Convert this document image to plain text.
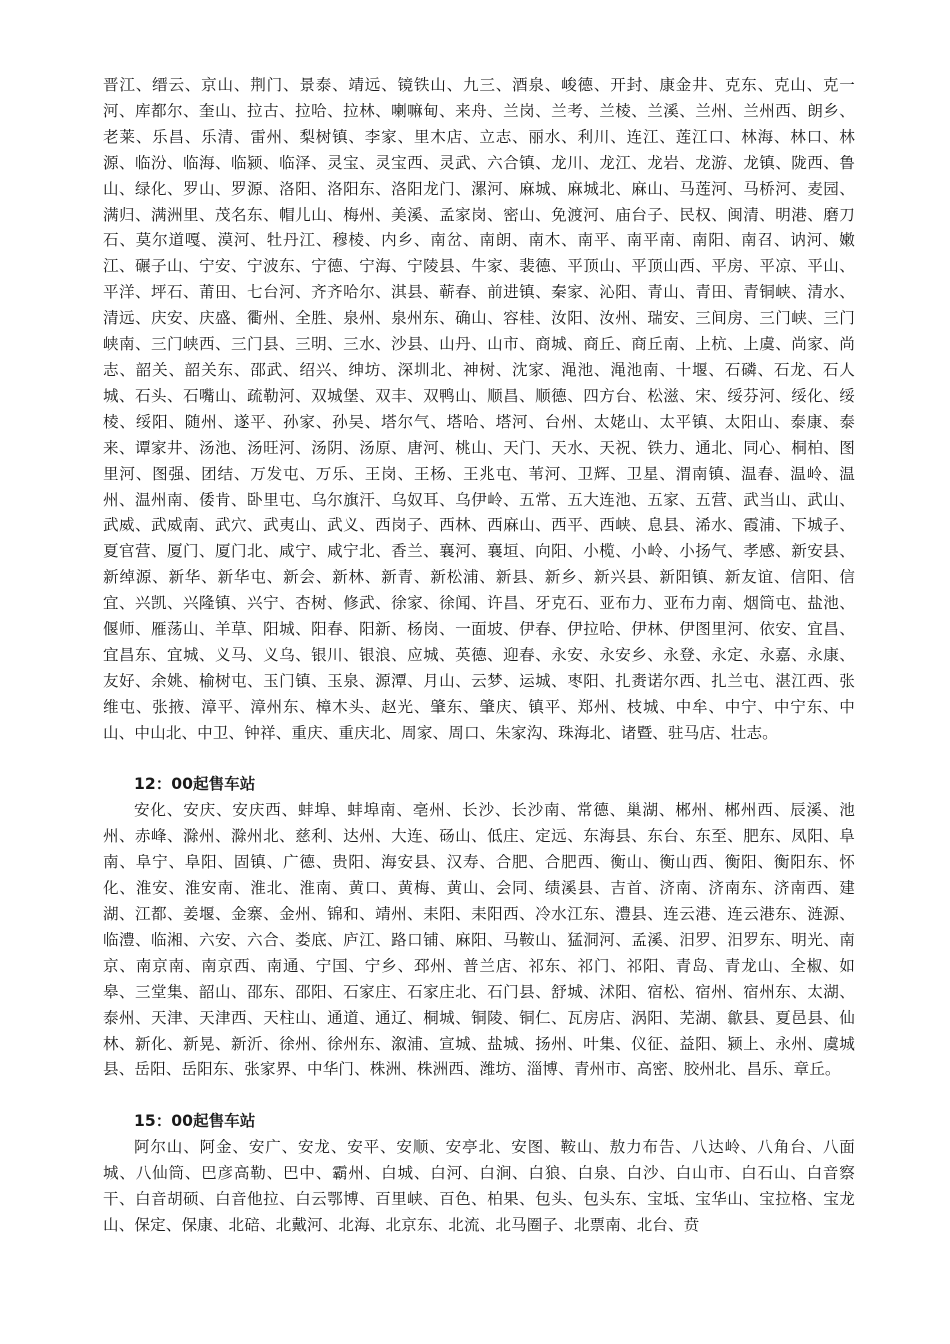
晋江、缙云、京山、荆门、景泰、靖远、镜铁山、九三、酒泉、峻德、开封、康金井、克东、克山、克一河、库都尔、奎山、拉古、拉哈、拉林、喇嘛甸、来舟、兰岗、兰考、兰棱、兰溪、兰州、兰州西、朗乡、老莱、乐昌、乐清、雷州、梨树镇、李家、里木店、立志、丽水、利川、连江、莲江口、林海、林口、林源、临汾、临海、临颍、临泽、灵宝、灵宝西、灵武、六合镇、龙川、龙江、龙岩、龙游、龙镇、陇西、鲁山、绿化、罗山、罗源、洛阳、洛阳东、洛阳龙门、漯河、麻城、麻城北、麻山、马莲河、马桥河、麦园、满归、满洲里、茂名东、帽儿山、梅州、美溪、孟家岗、密山、免渡河、庙台子、民权、闽清、明港、磨刀石、莫尔道嘎、漠河、牡丹江、穆棱、内乡、南岔、南朗、南木、南平、南平南、南阳、南召、讷河、嫩江、碾子山、宁安、宁波东、宁德、宁海、宁陵县、牛家、裴德、平顶山、平顶山西、平房、平凉、平山、平洋、坪石、莆田、七台河、齐齐哈尔、淇县、蕲春、前进镇、秦家、沁阳、青山、青田、青铜峡、清水、清远、庆安、庆盛、衢州、全胜、泉州、泉州东、确山、容桂、汝阳、汝州、瑞安、三间房、三门峡、三门峡南、三门峡西、三门县、三明、三水、沙县、山丹、山市、商城、商丘、商丘南、上杭、上虞、尚家、尚志、韶关、韶关东、邵武、绍兴、绅坊、深圳北、神树、沈家、渑池、渑池南、十堰、石磷、石龙、石人城、石头、石嘴山、疏勒河、双城堡、双丰、双鸭山、顺昌、顺德、四方台、松滋、宋、绥芬河、绥化、绥棱、绥阳、随州、遂平、孙家、孙吴、塔尔气、塔哈、塔河、台州、太姥山、太平镇、太阳山、泰康、泰来、谭家井、汤池、汤旺河、汤阴、汤原、唐河、桃山、天门、天水、天祝、铁力、通北、同心、桐柏、图里河、图强、团结、万发屯、万乐、王岗、王杨、王兆屯、苇河、卫辉、卫星、渭南镇、温春、温岭、温州、温州南、倭肯、卧里屯、乌尔旗汗、乌奴耳、乌伊岭、五常、五大连池、五家、五营、武当山、武山、武威、武威南、武穴、武夷山、武义、西岗子、西林、西麻山、西平、西峡、息县、浠水、霞浦、下城子、夏官营、厦门、厦门北、咸宁、咸宁北、香兰、襄河、襄垣、向阳、小榄、小岭、小扬气、孝感、新安县、新绰源、新华、新华屯、新会、新林、新青、新松浦、新县、新乡、新兴县、新阳镇、新友谊、信阳、信宜、兴凯、兴隆镇、兴宁、杏树、修武、徐家、徐闻、许昌、牙克石、亚布力、亚布力南、烟筒屯、盐池、偃师、雁荡山、羊草、阳城、阳春、阳新、杨岗、一面坡、伊春、伊拉哈、伊林、伊图里河、依安、宜昌、宜昌东、宜城、义马、义乌、银川、银浪、应城、英德、迎春、永安、永安乡、永登、永定、永嘉、永康、友好、余姚、榆树屯、玉门镇、玉泉、源潭、月山、云梦、运城、枣阳、扎赉诺尔西、扎兰屯、湛江西、张维屯、张掖、漳平、漳州东、樟木头、赵光、肇东、肇庆、镇平、郑州、枝城、中牟、中宁、中宁东、中山、中山北、中卫、钟祥、重庆、重庆北、周家、周口、朱家沟、珠海北、诸暨、驻马店、壮志。

12：00起售车站

安化、安庆、安庆西、蚌埠、蚌埠南、亳州、长沙、长沙南、常德、巢湖、郴州、郴州西、辰溪、池州、赤峰、滁州、滁州北、慈利、达州、大连、砀山、低庄、定远、东海县、东台、东至、肥东、凤阳、阜南、阜宁、阜阳、固镇、广德、贵阳、海安县、汉寿、合肥、合肥西、衡山、衡山西、衡阳、衡阳东、怀化、淮安、淮安南、淮北、淮南、黄口、黄梅、黄山、会同、绩溪县、吉首、济南、济南东、济南西、建湖、江都、姜堰、金寨、金州、锦和、靖州、耒阳、耒阳西、冷水江东、澧县、连云港、连云港东、涟源、临澧、临湘、六安、六合、娄底、庐江、路口铺、麻阳、马鞍山、猛洞河、孟溪、汨罗、汨罗东、明光、南京、南京南、南京西、南通、宁国、宁乡、邳州、普兰店、祁东、祁门、祁阳、青岛、青龙山、全椒、如皋、三堂集、韶山、邵东、邵阳、石家庄、石家庄北、石门县、舒城、沭阳、宿松、宿州、宿州东、太湖、泰州、天津、天津西、天柱山、通道、通辽、桐城、铜陵、铜仁、瓦房店、涡阳、芜湖、歙县、夏邑县、仙林、新化、新晃、新沂、徐州、徐州东、溆浦、宣城、盐城、扬州、叶集、仪征、益阳、颍上、永州、虞城县、岳阳、岳阳东、张家界、中华门、株洲、株洲西、潍坊、淄博、青州市、高密、胶州北、昌乐、章丘。

15：00起售车站

阿尔山、阿金、安广、安龙、安平、安顺、安亭北、安图、鞍山、敖力布告、八达岭、八角台、八面城、八仙筒、巴彦高勒、巴中、霸州、白城、白河、白涧、白狼、白泉、白沙、白山市、白石山、白音察干、白音胡硕、白音他拉、白云鄂博、百里峡、百色、柏果、包头、包头东、宝坻、宝华山、宝拉格、宝龙山、保定、保康、北碚、北戴河、北海、北京东、北流、北马圈子、北票南、北台、贲
